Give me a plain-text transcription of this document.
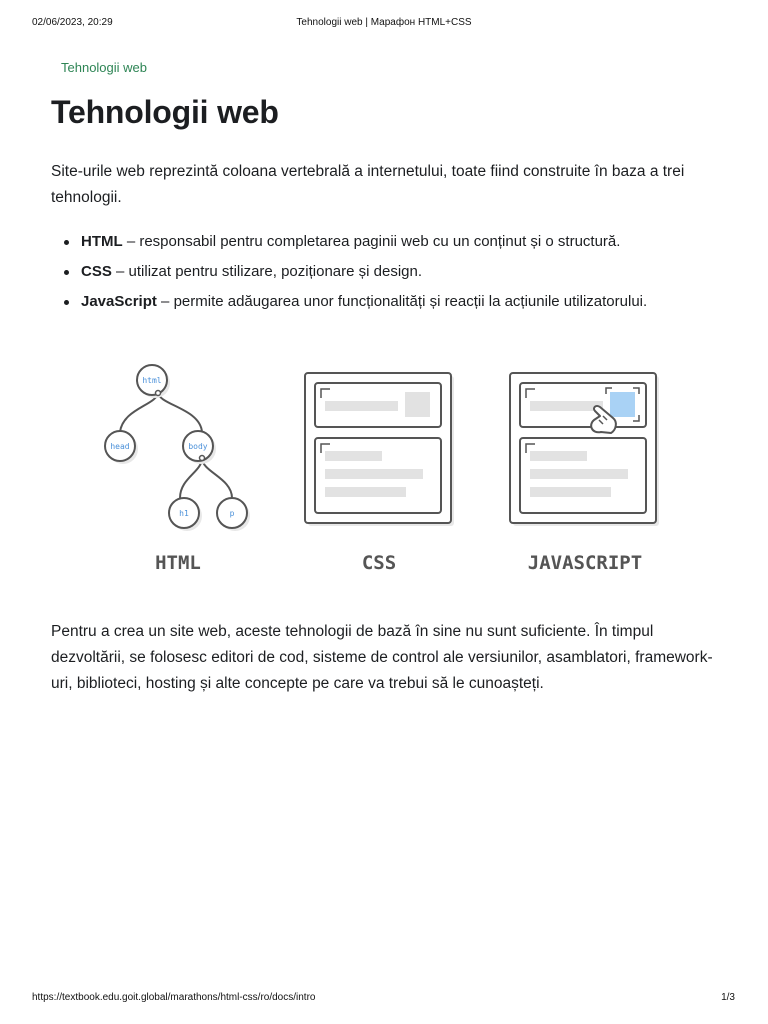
02/06/2023, 20:29	Tehnologii web | Марафон HTML+CSS
Tehnologii web
Tehnologii web

Site-urile web reprezintă coloana vertebrală a internetului, toate fiind construite în baza a trei tehnologii.

HTML – responsabil pentru completarea paginii web cu un conținut și o structură.
CSS – utilizat pentru stilizare, poziționare și design.
JavaScript – permite adăugarea unor funcționalități și reacții la acțiunile utilizatorului.
html
head	body
h1	p
HTML	CSS	JAVASCRIPT

Pentru a crea un site web, aceste tehnologii de bază în sine nu sunt suficiente. În timpul dezvoltării, se folosesc editori de cod, sisteme de control ale versiunilor, asamblatori, framework-uri, biblioteci, hosting și alte concepte pe care va trebui să le cunoașteți.

https://textbook.edu.goit.global/marathons/html-css/ro/docs/intro	1/3
